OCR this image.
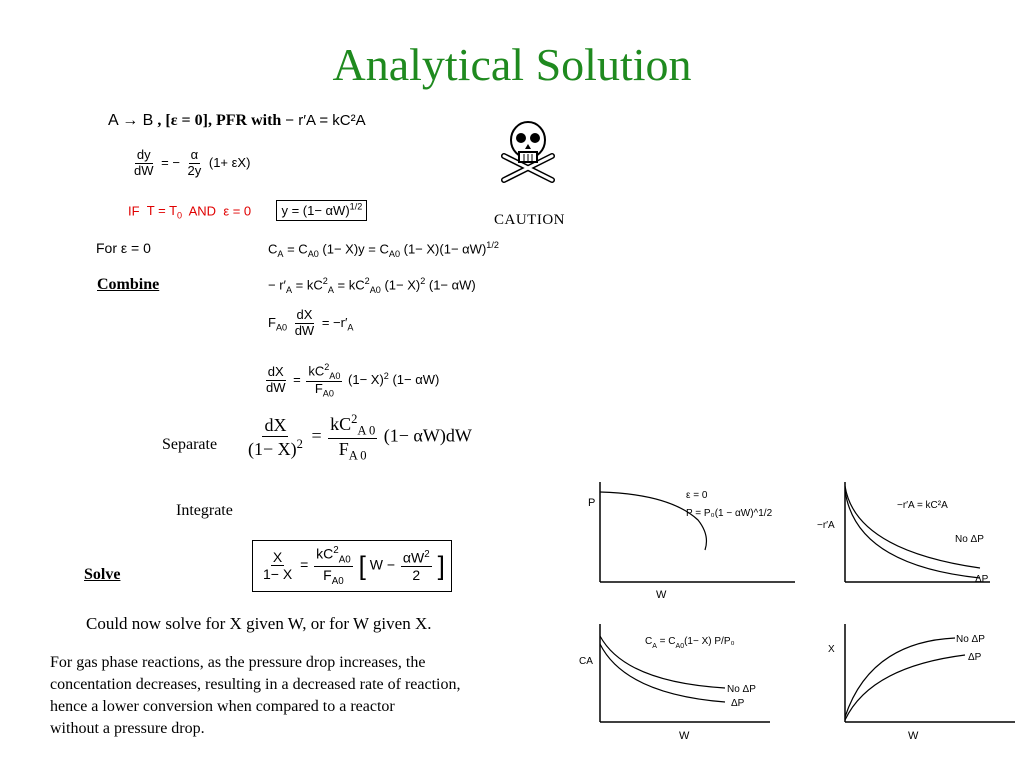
Analytical Solution
A → B , [ε = 0], PFR with − r′A = kC²A
$\frac{dy}{dW}$ = − $\frac{\alpha}{2y} (1+ \varepsilon X)$
IF  $T = T_0$ AND  ε = 0 $y = (1- \alpha W)^{1/2}$
CAUTION
For ε = 0	$C_A = C_{A0}$ $(1- X)y = C_{A0}$ $(1- X)(1- \alpha W)^{1/2}$
Combine	− $r'_A = kC^2_A = kC^2_{A0}$ $(1- X)^2$ (1− αW)
$F_{A0} \frac{dX}{dW} = -r'_A$
$\frac{dX}{dW} = \frac{kC^2_{A0}}{F_{A0}} (1- X)^2$ (1− αW)
Separate $\frac{dX}{(1- X)^2} = \frac{kC^2_{A 0}}{F_{A 0}} (1- \alpha W)dW$
Integrate
Solve	$\frac{X}{1- X} = \frac{kC^2_{A0}}{F_{A0}}$ [ $W - \frac{\alpha W^2}{2}$ ]
Could now solve for X given W, or for W given X.
For gas phase reactions, as the pressure drop increases, the
concentation decreases, resulting in a decreased rate of reaction,
hence a lower conversion when compared to a reactor
without a pressure drop.
P
W
ε = 0
P = P₀(1 − αW)^1/2
−r′A
−r′A = kC²A
No ΔP
ΔP
CA
W
$C_A = C_{A0}(1- X)$ P/P₀
No ΔP
ΔP
X
W
No ΔP
ΔP
